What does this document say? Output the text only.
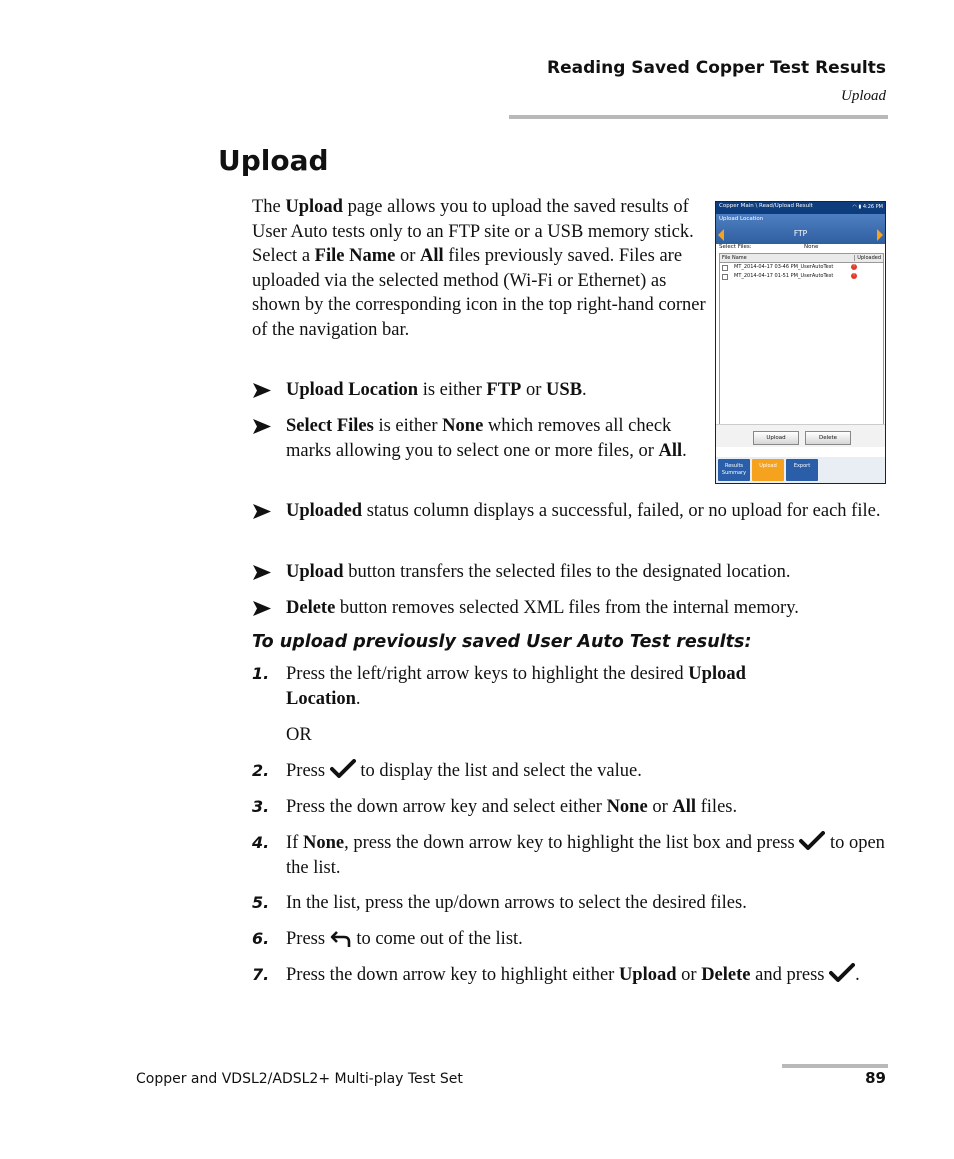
Reading Saved Copper Test Results
Upload
Upload
The Upload page allows you to upload the saved results of User Auto tests only to an FTP site or a USB memory stick. Select a File Name or All files previously saved. Files are uploaded via the selected method (Wi-Fi or Ethernet) as shown by the corresponding icon in the top right-hand corner of the navigation bar.
Copper Main \ Read/Upload Result	◠ ▮ 4:26 PM
Upload Location
FTP
Select Files:	None
File Name	Uploaded
MT_2014-04-17 03-46 PM_UserAutoTest	!
MT_2014-04-17 01-51 PM_UserAutoTest	!
Upload	Delete
Results Summary
Upload	Export
Upload Location is either FTP or USB.
Select Files is either None which removes all check marks allowing you to select one or more files, or All.
Uploaded status column displays a successful, failed, or no upload for each file.
Upload button transfers the selected files to the designated location.
Delete button removes selected XML files from the internal memory.
To upload previously saved User Auto Test results:
1. Press the left/right arrow keys to highlight the desired Upload Location.
OR
2. Press  to display the list and select the value.
3. Press the down arrow key and select either None or All files.
4. If None, press the down arrow key to highlight the list box and press  to open the list.
5. In the list, press the up/down arrows to select the desired files.
6. Press  to come out of the list.
7. Press the down arrow key to highlight either Upload or Delete and press .
Copper and VDSL2/ADSL2+ Multi-play Test Set	89
